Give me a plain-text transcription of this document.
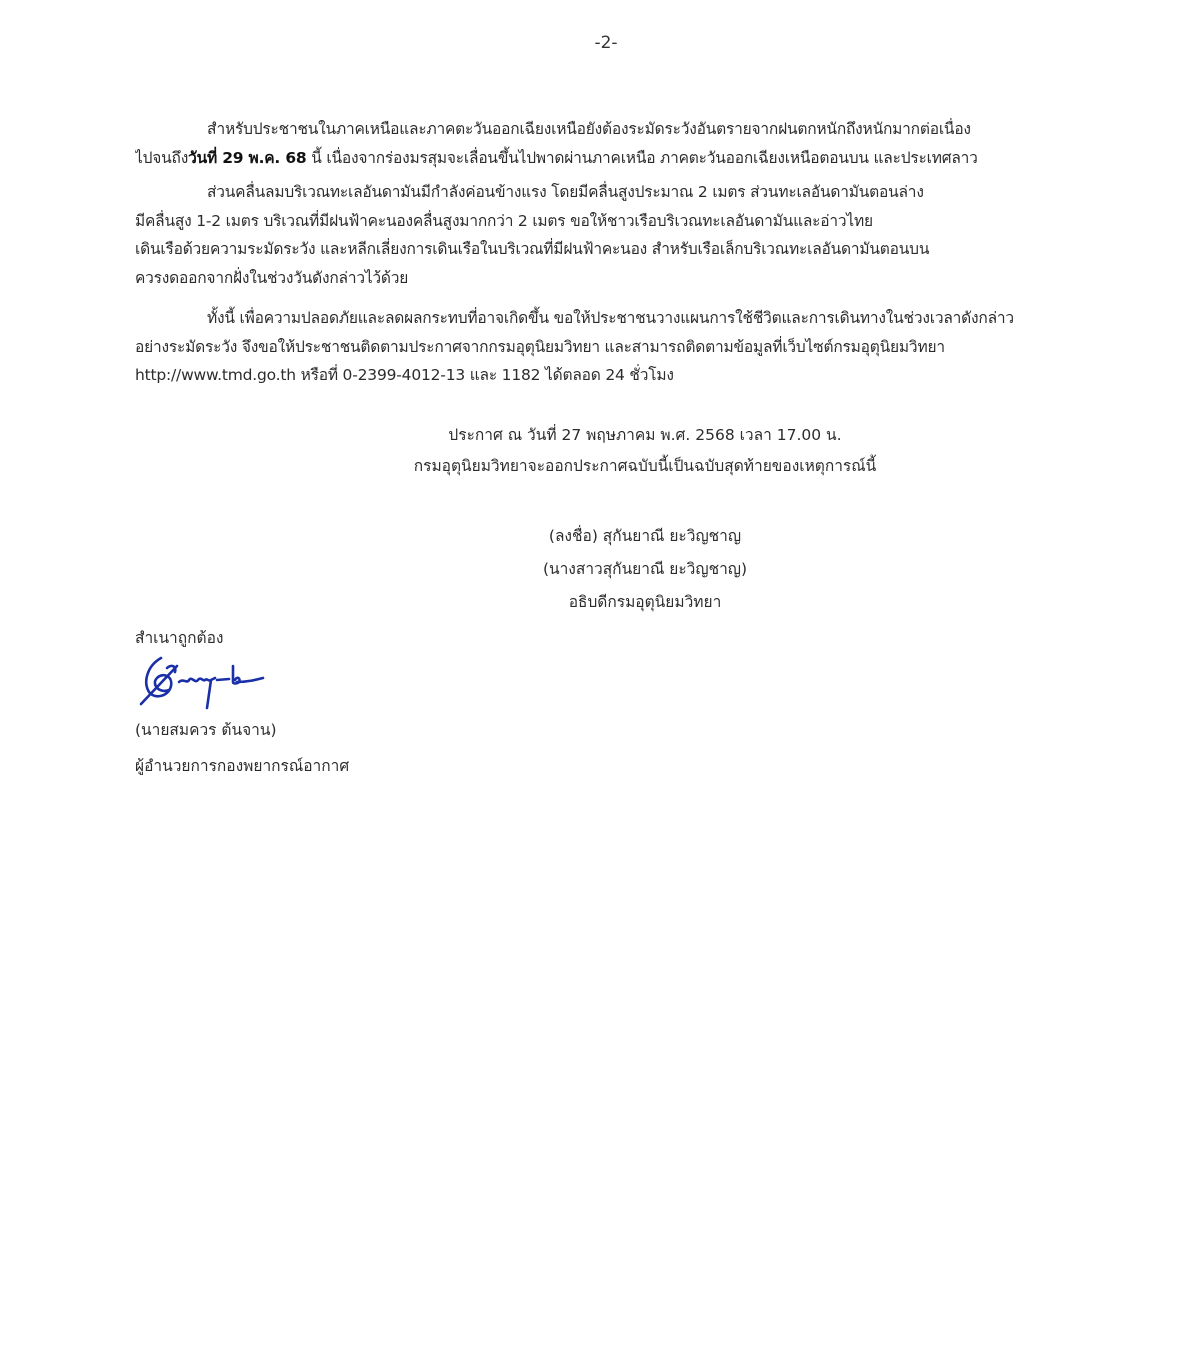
-2-
สำหรับประชาชนในภาคเหนือและภาคตะวันออกเฉียงเหนือยังต้องระมัดระวังอันตรายจากฝนตกหนักถึงหนักมากต่อเนื่อง
ไปจนถึงวันที่ 29 พ.ค. 68 นี้ เนื่องจากร่องมรสุมจะเลื่อนขึ้นไปพาดผ่านภาคเหนือ ภาคตะวันออกเฉียงเหนือตอนบน และประเทศลาว
ส่วนคลื่นลมบริเวณทะเลอันดามันมีกำลังค่อนข้างแรง โดยมีคลื่นสูงประมาณ 2 เมตร ส่วนทะเลอันดามันตอนล่าง
มีคลื่นสูง 1-2 เมตร บริเวณที่มีฝนฟ้าคะนองคลื่นสูงมากกว่า 2 เมตร ขอให้ชาวเรือบริเวณทะเลอันดามันและอ่าวไทย
เดินเรือด้วยความระมัดระวัง และหลีกเลี่ยงการเดินเรือในบริเวณที่มีฝนฟ้าคะนอง สำหรับเรือเล็กบริเวณทะเลอันดามันตอนบน
ควรงดออกจากฝั่งในช่วงวันดังกล่าวไว้ด้วย
ทั้งนี้ เพื่อความปลอดภัยและลดผลกระทบที่อาจเกิดขึ้น ขอให้ประชาชนวางแผนการใช้ชีวิตและการเดินทางในช่วงเวลาดังกล่าว
อย่างระมัดระวัง จึงขอให้ประชาชนติดตามประกาศจากกรมอุตุนิยมวิทยา และสามารถติดตามข้อมูลที่เว็บไซต์กรมอุตุนิยมวิทยา
http://www.tmd.go.th หรือที่ 0-2399-4012-13 และ 1182 ได้ตลอด 24 ชั่วโมง
ประกาศ ณ วันที่ 27 พฤษภาคม พ.ศ. 2568 เวลา 17.00 น.
กรมอุตุนิยมวิทยาจะออกประกาศฉบับนี้เป็นฉบับสุดท้ายของเหตุการณ์นี้
(ลงชื่อ) สุกันยาณี ยะวิญชาญ
(นางสาวสุกันยาณี ยะวิญชาญ)
อธิบดีกรมอุตุนิยมวิทยา
สำเนาถูกต้อง
(นายสมควร ต้นจาน)
ผู้อำนวยการกองพยากรณ์อากาศ
